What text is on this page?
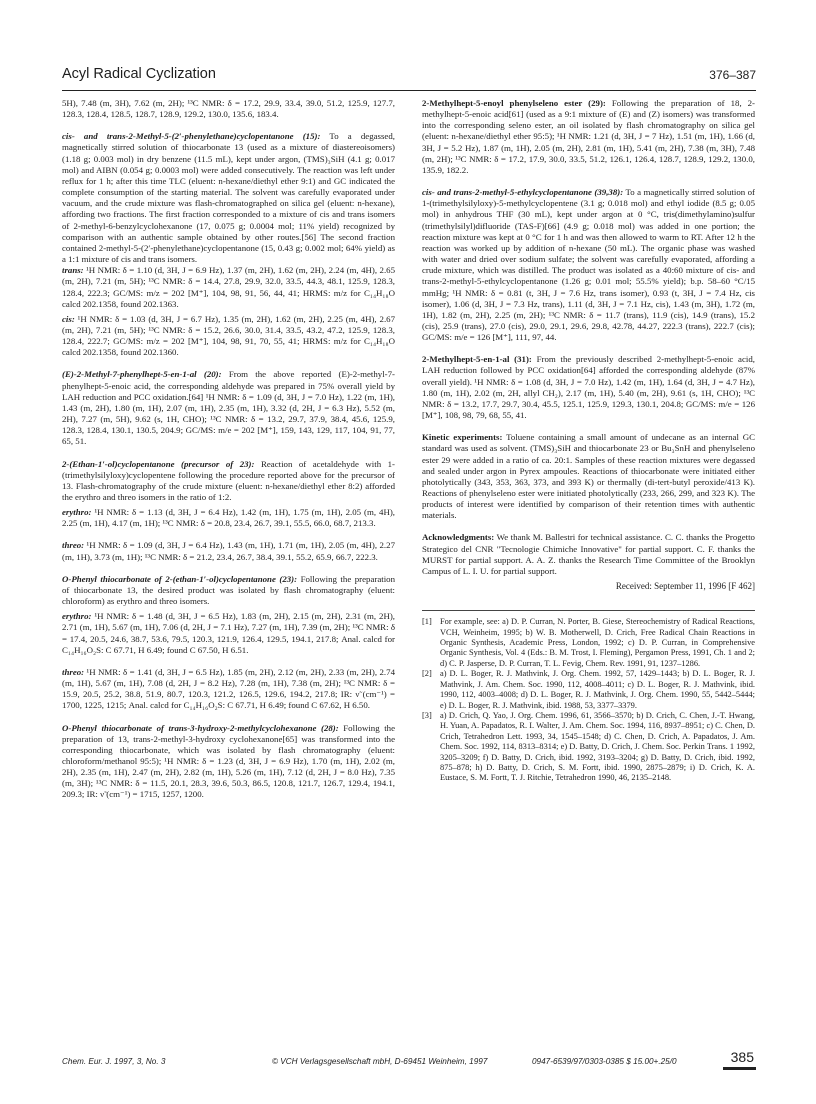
Acyl Radical Cyclization	376–387

5H), 7.48 (m, 3H), 7.62 (m, 2H); ¹³C NMR: δ = 17.2, 29.9, 33.4, 39.0, 51.2, 125.9, 127.7, 128.3, 128.4, 128.5, 128.7, 128.9, 129.2, 130.0, 135.6, 183.4.

cis- and trans-2-Methyl-5-(2′-phenylethane)cyclopentanone (15): To a degassed, magnetically stirred solution of thiocarbonate 13 (used as a mixture of diastereoisomers) (1.18 g; 0.003 mol) in dry benzene (11.5 mL), kept under argon, (TMS)₃SiH (4.1 g; 0.017 mol) and AIBN (0.054 g; 0.0003 mol) were added consecutively. The reaction was left under reflux for 1 h; after this time TLC (eluent: n-hexane/diethyl ether 9:1) and GC indicated the complete consumption of the starting material. The solvent was carefully evaporated under vacuum, and the crude mixture was flash-chromatographed on silica gel (eluent: n-hexane), affording two fractions. The first fraction corresponded to a mixture of cis and trans isomers of 2-methyl-6-benzylcyclohexanone (17, 0.075 g; 0.0004 mol; 11% yield) recognized by comparison with an authentic sample obtained by other routes.[56] The second fraction contained 2-methyl-5-(2′-phenylethane)cyclopentanone (15, 0.43 g; 0.002 mol; 64% yield) as a 1:1 mixture of cis and trans isomers.

trans: ¹H NMR: δ = 1.10 (d, 3H, J = 6.9 Hz), 1.37 (m, 2H), 1.62 (m, 2H), 2.24 (m, 4H), 2.65 (m, 2H), 7.21 (m, 5H); ¹³C NMR: δ = 14.4, 27.8, 29.9, 32.0, 33.5, 44.3, 48.1, 125.9, 128.3, 128.4, 222.3; GC/MS: m/z = 202 [M⁺], 104, 98, 91, 56, 44, 41; HRMS: m/z for C₁₄H₁₈O calcd 202.1358, found 202.1363.

cis: ¹H NMR: δ = 1.03 (d, 3H, J = 6.7 Hz), 1.35 (m, 2H), 1.62 (m, 2H), 2.25 (m, 4H), 2.67 (m, 2H), 7.21 (m, 5H); ¹³C NMR: δ = 15.2, 26.6, 30.0, 31.4, 33.5, 43.2, 47.2, 125.9, 128.3, 128.4, 222.7; GC/MS: m/z = 202 [M⁺], 104, 98, 91, 70, 55, 41; HRMS: m/z for C₁₄H₁₈O calcd 202.1358, found 202.1360.

(E)-2-Methyl-7-phenylhept-5-en-1-al (20): From the above reported (E)-2-methyl-7-phenylhept-5-enoic acid, the corresponding aldehyde was prepared in 75% overall yield by LAH reduction and PCC oxidation.[64] ¹H NMR: δ = 1.09 (d, 3H, J = 7.0 Hz), 1.22 (m, 1H), 1.43 (m, 2H), 1.80 (m, 1H), 2.07 (m, 1H), 2.35 (m, 1H), 3.32 (d, 2H, J = 6.3 Hz), 5.52 (m, 2H), 7.27 (m, 5H), 9.62 (s, 1H, CHO); ¹³C NMR: δ = 13.2, 29.7, 37.9, 38.4, 45.6, 125.9, 128.3, 128.4, 130.1, 130.5, 204.9; GC/MS: m/e = 202 [M⁺], 159, 143, 129, 117, 104, 91, 77, 65, 51.

2-(Ethan-1′-ol)cyclopentanone (precursor of 23): Reaction of acetaldehyde with 1-(trimethylsilyloxy)cyclopentene following the procedure reported above for the precursor of 13. Flash-chromatography of the crude mixture (eluent: n-hexane/diethyl ether 8:2) afforded the erythro and threo isomers in the ratio of 1:2.

erythro: ¹H NMR: δ = 1.13 (d, 3H, J = 6.4 Hz), 1.42 (m, 1H), 1.75 (m, 1H), 2.05 (m, 4H), 2.25 (m, 1H), 4.17 (m, 1H); ¹³C NMR: δ = 20.8, 23.4, 26.7, 39.1, 55.5, 66.0, 68.7, 213.3.

threo: ¹H NMR: δ = 1.09 (d, 3H, J = 6.4 Hz), 1.43 (m, 1H), 1.71 (m, 1H), 2.05 (m, 4H), 2.27 (m, 1H), 3.73 (m, 1H); ¹³C NMR: δ = 21.2, 23.4, 26.7, 38.4, 39.1, 55.2, 65.9, 66.7, 222.3.

O-Phenyl thiocarbonate of 2-(ethan-1′-ol)cyclopentanone (23): Following the preparation of thiocarbonate 13, the desired product was isolated by flash chromatography (eluent: chloroform) as erythro and threo isomers.

erythro: ¹H NMR: δ = 1.48 (d, 3H, J = 6.5 Hz), 1.83 (m, 2H), 2.15 (m, 2H), 2.31 (m, 2H), 2.71 (m, 1H), 5.67 (m, 1H), 7.06 (d, 2H, J = 7.1 Hz), 7.27 (m, 1H), 7.39 (m, 2H); ¹³C NMR: δ = 17.4, 20.5, 24.6, 38.7, 53.6, 79.5, 120.3, 121.9, 126.4, 129.5, 194.1, 217.8; Anal. calcd for C₁₄H₁₆O₂S: C 67.71, H 6.49; found C 67.50, H 6.51.

threo: ¹H NMR: δ = 1.41 (d, 3H, J = 6.5 Hz), 1.85 (m, 2H), 2.12 (m, 2H), 2.33 (m, 2H), 2.74 (m, 1H), 5.67 (m, 1H), 7.08 (d, 2H, J = 8.2 Hz), 7.28 (m, 1H), 7.38 (m, 2H); ¹³C NMR: δ = 15.9, 20.5, 25.2, 38.8, 51.9, 80.7, 120.3, 121.2, 126.5, 129.6, 194.2, 217.8; IR: ν̃ (cm⁻¹) = 1700, 1225, 1215; Anal. calcd for C₁₄H₁₆O₂S: C 67.71, H 6.49; found C 67.62, H 6.50.

O-Phenyl thiocarbonate of trans-3-hydroxy-2-methylcyclohexanone (28): Following the preparation of 13, trans-2-methyl-3-hydroxy cyclohexanone[65] was transformed into the corresponding thiocarbonate, which was isolated by flash chromatography (eluent: chloroform/methanol 95:5); ¹H NMR: δ = 1.23 (d, 3H, J = 6.9 Hz), 1.70 (m, 1H), 2.02 (m, 2H), 2.35 (m, 1H), 2.47 (m, 2H), 2.82 (m, 1H), 5.26 (m, 1H), 7.12 (d, 2H, J = 8.0 Hz), 7.35 (m, 3H); ¹³C NMR: δ = 11.5, 20.1, 28.3, 39.6, 50.3, 86.5, 120.8, 121.7, 126.7, 129.4, 194.1, 209.3; IR: ν̃ (cm⁻¹) = 1715, 1257, 1200.

2-Methylhept-5-enoyl phenylseleno ester (29): Following the preparation of 18, 2-methylhept-5-enoic acid[61] (used as a 9:1 mixture of (E) and (Z) isomers) was transformed into the corresponding seleno ester, an oil isolated by flash chromatography on silica gel (eluent: n-hexane/diethyl ether 95:5); ¹H NMR: 1.21 (d, 3H, J = 7 Hz), 1.51 (m, 1H), 1.66 (d, 3H, J = 5.2 Hz), 1.87 (m, 1H), 2.05 (m, 2H), 2.81 (m, 1H), 5.41 (m, 2H), 7.38 (m, 3H), 7.48 (m, 2H); ¹³C NMR: δ = 17.2, 17.9, 30.0, 33.5, 51.2, 126.1, 126.4, 128.7, 128.9, 129.2, 130.0, 135.9, 182.2.

cis- and trans-2-methyl-5-ethylcyclopentanone (39,38): To a magnetically stirred solution of 1-(trimethylsilyloxy)-5-methylcyclopentene (3.1 g; 0.018 mol) and ethyl iodide (8.5 g; 0.05 mol) in anhydrous THF (30 mL), kept under argon at 0 °C, tris(dimethylamino)sulfur (trimethylsilyl)difluoride (TAS-F)[66] (4.9 g; 0.018 mol) was added in one portion; the reaction mixture was kept at 0 °C for 1 h and was then allowed to warm to RT. After 12 h the reaction was worked up by addition of n-hexane (50 mL). The organic phase was washed with water and dried over sodium sulfate; the solvent was carefully evaporated, affording a crude mixture, which was distilled. The product was isolated as a 40:60 mixture of cis- and trans-2-methyl-5-ethylcyclopentanone (1.26 g; 0.01 mol; 55.5% yield); b.p. 58–60 °C/15 mmHg; ¹H NMR: δ = 0.81 (t, 3H, J = 7.6 Hz, trans isomer), 0.93 (t, 3H, J = 7.4 Hz, cis isomer), 1.06 (d, 3H, J = 7.3 Hz, trans), 1.11 (d, 3H, J = 7.1 Hz, cis), 1.43 (m, 3H), 1.72 (m, 1H), 1.82 (m, 2H), 2.25 (m, 2H); ¹³C NMR: δ = 11.7 (trans), 11.9 (cis), 14.9 (trans), 15.2 (cis), 25.9 (trans), 27.0 (cis), 29.0, 29.1, 29.6, 29.8, 42.78, 44.27, 222.3 (trans), 222.7 (cis); GC/MS: m/e = 126 [M⁺], 111, 97, 44.

2-Methylhept-5-en-1-al (31): From the previously described 2-methylhept-5-enoic acid, LAH reduction followed by PCC oxidation[64] afforded the corresponding aldehyde (87% overall yield). ¹H NMR: δ = 1.08 (d, 3H, J = 7.0 Hz), 1.42 (m, 1H), 1.64 (d, 3H, J = 4.7 Hz), 1.80 (m, 1H), 2.02 (m, 2H, allyl CH₂), 2.17 (m, 1H), 5.40 (m, 2H), 9.61 (s, 1H, CHO); ¹³C NMR: δ = 13.2, 17.7, 29.7, 30.4, 45.5, 125.1, 125.9, 129.3, 130.1, 204.8; GC/MS: m/e = 126 [M⁺], 108, 98, 79, 68, 55, 41.

Kinetic experiments: Toluene containing a small amount of undecane as an internal GC standard was used as solvent. (TMS)₃SiH and thiocarbonate 23 or Bu₃SnH and phenylseleno ester 29 were added in a ratio of ca. 20:1. Samples of these reaction mixtures were degassed and sealed under argon in Pyrex ampoules. Reactions of thiocarbonate were initiated either photolytically (343, 353, 363, 373, and 393 K) or thermally (di-tert-butyl peroxide/413 K). Reactions of phenylseleno ester were initiated photolytically (233, 266, 299, and 323 K). The products of interest were identified by comparison of their retention times with authentic materials.

Acknowledgments: We thank M. Ballestri for technical assistance. C. C. thanks the Progetto Strategico del CNR "Tecnologie Chimiche Innovative" for partial support. C. F. thanks the MURST for partial support. A. A. Z. thanks the Research Time Committee of the Brooklyn Campus of L. I. U. for partial support.

Received: September 11, 1996 [F 462]
[1] For example, see: a) D. P. Curran, N. Porter, B. Giese, Stereochemistry of Radical Reactions, VCH, Weinheim, 1995; b) W. B. Motherwell, D. Crich, Free Radical Chain Reactions in Organic Synthesis, Academic Press, London, 1992; c) D. P. Curran, in Comprehensive Organic Synthesis, Vol. 4 (Eds.: B. M. Trost, I. Fleming), Pergamon Press, 1991, Ch. 1 and 2; d) C. P. Jasperse, D. P. Curran, T. L. Fevig, Chem. Rev. 1991, 91, 1237–1286.
[2] a) D. L. Boger, R. J. Mathvink, J. Org. Chem. 1992, 57, 1429–1443; b) D. L. Boger, R. J. Mathvink, J. Am. Chem. Soc. 1990, 112, 4008–4011; c) D. L. Boger, R. J. Mathvink, ibid. 1990, 112, 4003–4008; d) D. L. Boger, R. J. Mathvink, J. Org. Chem. 1990, 55, 5442–5444; e) D. L. Boger, R. J. Mathvink, ibid. 1988, 53, 3377–3379.
[3] a) D. Crich, Q. Yao, J. Org. Chem. 1996, 61, 3566–3570; b) D. Crich, C. Chen, J.-T. Hwang, H. Yuan, A. Papadatos, R. I. Walter, J. Am. Chem. Soc. 1994, 116, 8937–8951; c) C. Chen, D. Crich, Tetrahedron Lett. 1993, 34, 1545–1548; d) C. Chen, D. Crich, A. Papadatos, J. Am. Chem. Soc. 1992, 114, 8313–8314; e) D. Batty, D. Crich, J. Chem. Soc. Perkin Trans. 1 1992, 3205–3209; f) D. Batty, D. Crich, ibid. 1992, 3193–3204; g) D. Batty, D. Crich, ibid. 1992, 875–878; h) D. Batty, D. Crich, S. M. Fortt, ibid. 1990, 2875–2879; i) D. Crich, K. A. Eustace, S. M. Fortt, T. J. Ritchie, Tetrahedron 1990, 46, 2135–2148.
Chem. Eur. J. 1997, 3, No. 3	© VCH Verlagsgesellschaft mbH, D-69451 Weinheim, 1997	0947-6539/97/0303-0385 $ 15.00+.25/0	385
